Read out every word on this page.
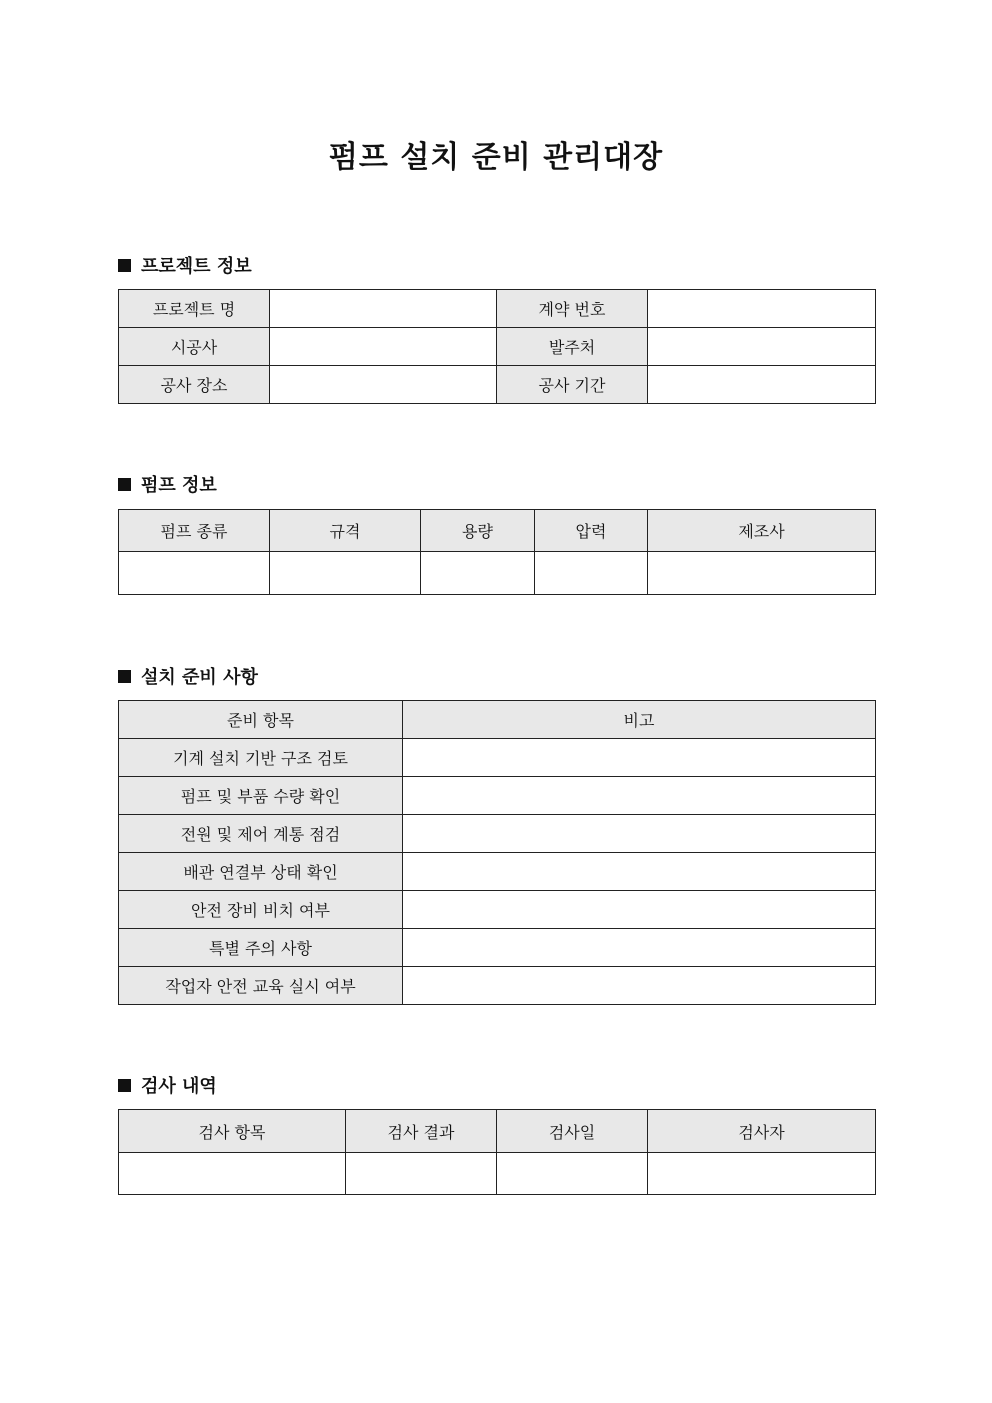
펌프 설치 준비 관리대장
프로젝트 정보
프로젝트 명		계약 번호	
시공사		발주처	
공사 장소		공사 기간	
펌프 정보
펌프 종류	규격	용량	압력	제조사

설치 준비 사항
준비 항목	비고
기계 설치 기반 구조 검토	
펌프 및 부품 수량 확인	
전원 및 제어 계통 점검	
배관 연결부 상태 확인	
안전 장비 비치 여부	
특별 주의 사항	
작업자 안전 교육 실시 여부	
검사 내역
검사 항목	검사 결과	검사일	검사자
